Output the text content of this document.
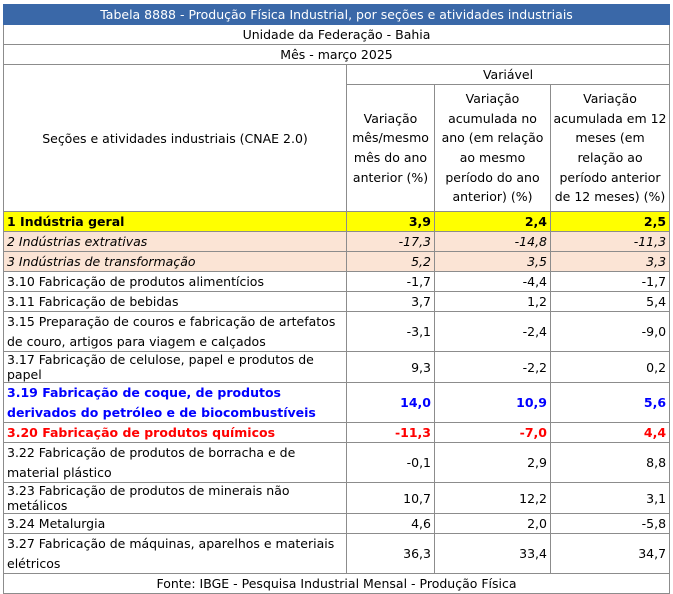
Tabela 8888 - Produção Física Industrial, por seções e atividades industriais			
Unidade da Federação - Bahia			
Mês - março 2025			
Seções e atividades industriais (CNAE 2.0)	Variável		
	Variação mês/mesmo mês do ano anterior (%)	Variação acumulada no ano (em relação ao mesmo período do ano anterior) (%)	Variação acumulada em 12 meses (em relação ao período anterior de 12 meses) (%)
1 Indústria geral	3,9	2,4	2,5
2 Indústrias extrativas	-17,3	-14,8	-11,3
3 Indústrias de transformação	5,2	3,5	3,3
3.10 Fabricação de produtos alimentícios	-1,7	-4,4	-1,7
3.11 Fabricação de bebidas	3,7	1,2	5,4
3.15 Preparação de couros e fabricação de artefatos de couro, artigos para viagem e calçados	-3,1	-2,4	-9,0
3.17 Fabricação de celulose, papel e produtos de papel	9,3	-2,2	0,2
3.19 Fabricação de coque, de produtos derivados do petróleo e de biocombustíveis	14,0	10,9	5,6
3.20 Fabricação de produtos químicos	-11,3	-7,0	4,4
3.22 Fabricação de produtos de borracha e de material plástico	-0,1	2,9	8,8
3.23 Fabricação de produtos de minerais não metálicos	10,7	12,2	3,1
3.24 Metalurgia	4,6	2,0	-5,8
3.27 Fabricação de máquinas, aparelhos e materiais elétricos	36,3	33,4	34,7
Fonte: IBGE - Pesquisa Industrial Mensal - Produção Física			
